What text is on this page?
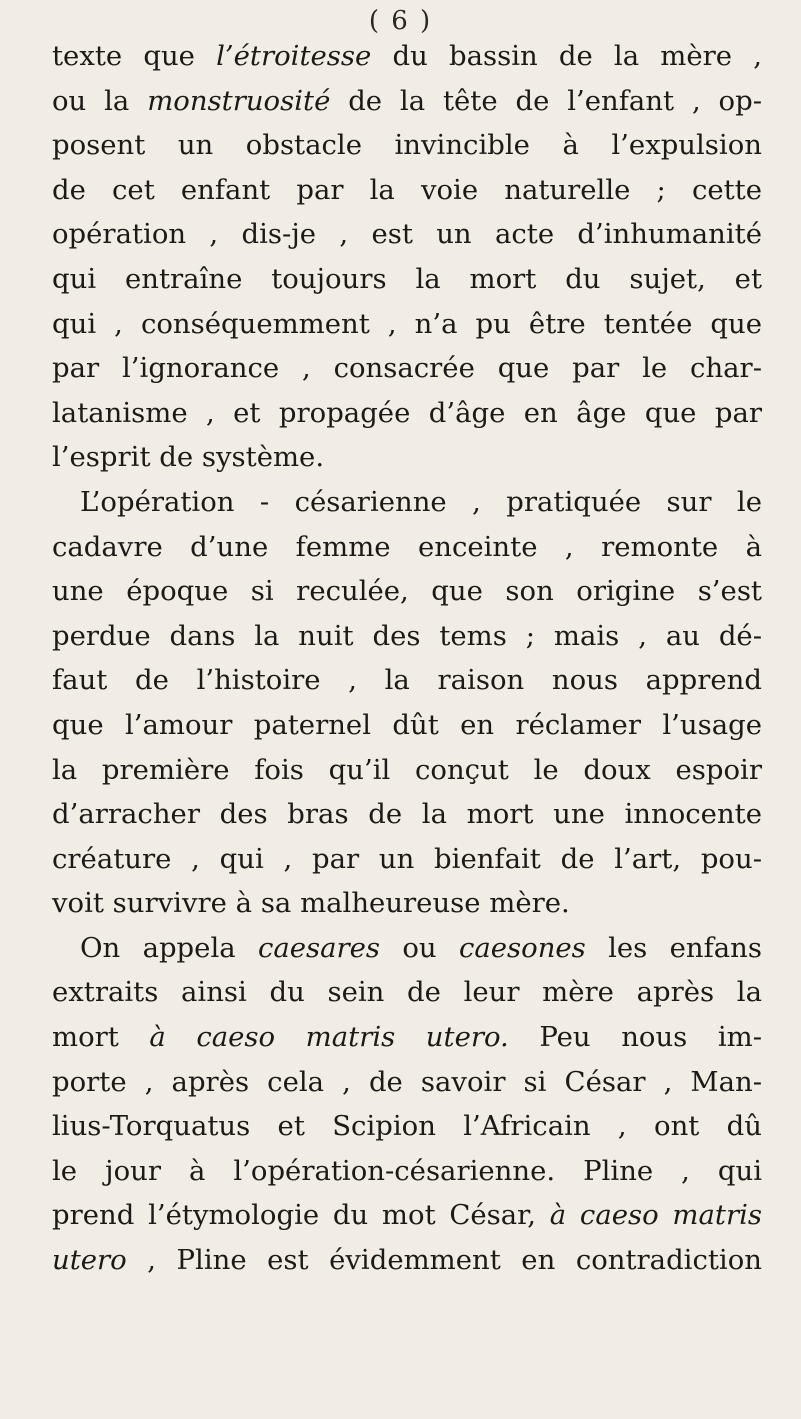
( 6 )
texte que l’étroitesse du bassin de la mère ,
ou la monstruosité de la tête de l’enfant , op-
posent un obstacle invincible à l’expulsion
de cet enfant par la voie naturelle ; cette
opération , dis-je , est un acte d’inhumanité
qui entraîne toujours la mort du sujet, et
qui , conséquemment , n’a pu être tentée que
par l’ignorance , consacrée que par le char-
latanisme , et propagée d’âge en âge que par
l’esprit de système.
L’opération - césarienne , pratiquée sur le
cadavre d’une femme enceinte , remonte à
une époque si reculée, que son origine s’est
perdue dans la nuit des tems ; mais , au dé-
faut de l’histoire , la raison nous apprend
que l’amour paternel dût en réclamer l’usage
la première fois qu’il conçut le doux espoir
d’arracher des bras de la mort une innocente
créature , qui , par un bienfait de l’art, pou-
voit survivre à sa malheureuse mère.
On appela caesares ou caesones les enfans
extraits ainsi du sein de leur mère après la
mort à caeso matris utero. Peu nous im-
porte , après cela , de savoir si César , Man-
lius-Torquatus et Scipion l’Africain , ont dû
le jour à l’opération-césarienne. Pline , qui
prend l’étymologie du mot César, à caeso matris
utero , Pline est évidemment en contradiction
